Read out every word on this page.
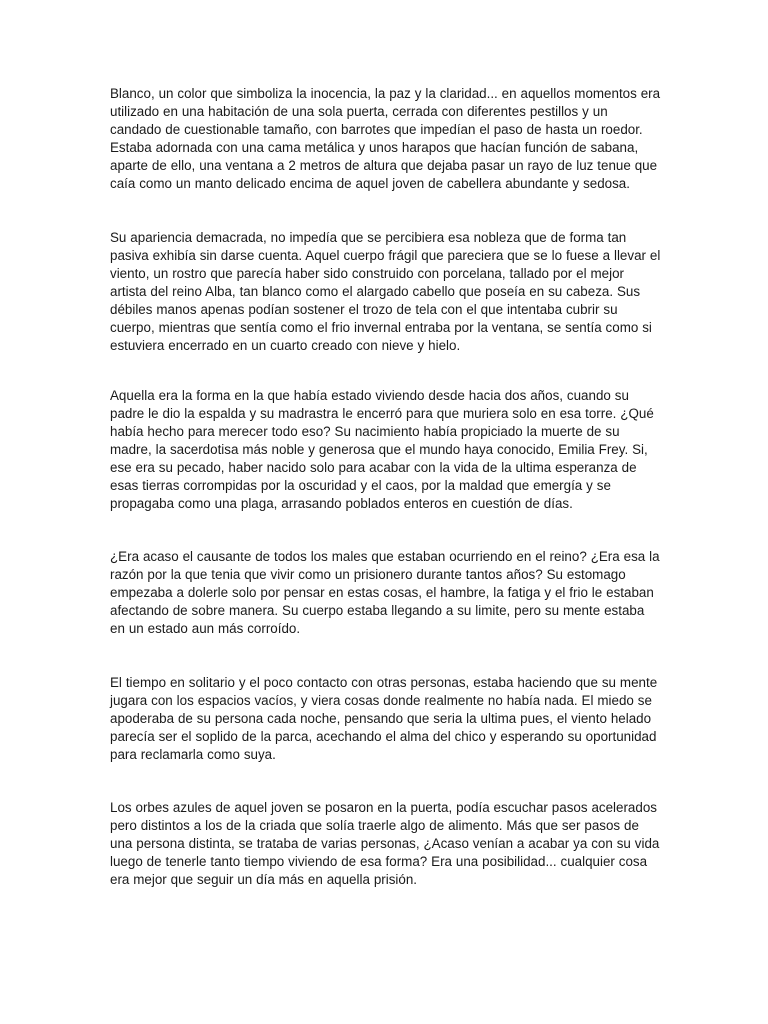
Blanco, un color que simboliza la inocencia, la paz y la claridad... en aquellos momentos era utilizado en una habitación de una sola puerta, cerrada con diferentes pestillos y un candado de cuestionable tamaño, con barrotes que impedían el paso de hasta un roedor. Estaba adornada con una cama metálica y unos harapos que hacían función de sabana, aparte de ello, una ventana a 2 metros de altura que dejaba pasar un rayo de luz tenue que caía como un manto delicado encima de aquel joven de cabellera abundante y sedosa.

Su apariencia demacrada, no impedía que se percibiera esa nobleza que de forma tan pasiva exhibía sin darse cuenta. Aquel cuerpo frágil que pareciera que se lo fuese a llevar el viento, un rostro que parecía haber sido construido con porcelana, tallado por el mejor artista del reino Alba, tan blanco como el alargado cabello que poseía en su cabeza. Sus débiles manos apenas podían sostener el trozo de tela con el que intentaba cubrir su cuerpo, mientras que sentía como el frio invernal entraba por la ventana, se sentía como si estuviera encerrado en un cuarto creado con nieve y hielo.

Aquella era la forma en la que había estado viviendo desde hacia dos años, cuando su padre le dio la espalda y su madrastra le encerró para que muriera solo en esa torre. ¿Qué había hecho para merecer todo eso? Su nacimiento había propiciado la muerte de su madre, la sacerdotisa más noble y generosa que el mundo haya conocido, Emilia Frey. Si, ese era su pecado, haber nacido solo para acabar con la vida de la ultima esperanza de esas tierras corrompidas por la oscuridad y el caos, por la maldad que emergía y se propagaba como una plaga, arrasando poblados enteros en cuestión de días.

¿Era acaso el causante de todos los males que estaban ocurriendo en el reino? ¿Era esa la razón por la que tenia que vivir como un prisionero durante tantos años? Su estomago empezaba a dolerle solo por pensar en estas cosas, el hambre, la fatiga y el frio le estaban afectando de sobre manera. Su cuerpo estaba llegando a su limite, pero su mente estaba en un estado aun más corroído.

El tiempo en solitario y el poco contacto con otras personas, estaba haciendo que su mente jugara con los espacios vacíos, y viera cosas donde realmente no había nada. El miedo se apoderaba de su persona cada noche, pensando que seria la ultima pues, el viento helado parecía ser el soplido de la parca, acechando el alma del chico y esperando su oportunidad para reclamarla como suya.

Los orbes azules de aquel joven se posaron en la puerta, podía escuchar pasos acelerados pero distintos a los de la criada que solía traerle algo de alimento. Más que ser pasos de una persona distinta, se trataba de varias personas, ¿Acaso venían a acabar ya con su vida luego de tenerle tanto tiempo viviendo de esa forma? Era una posibilidad... cualquier cosa era mejor que seguir un día más en aquella prisión.
